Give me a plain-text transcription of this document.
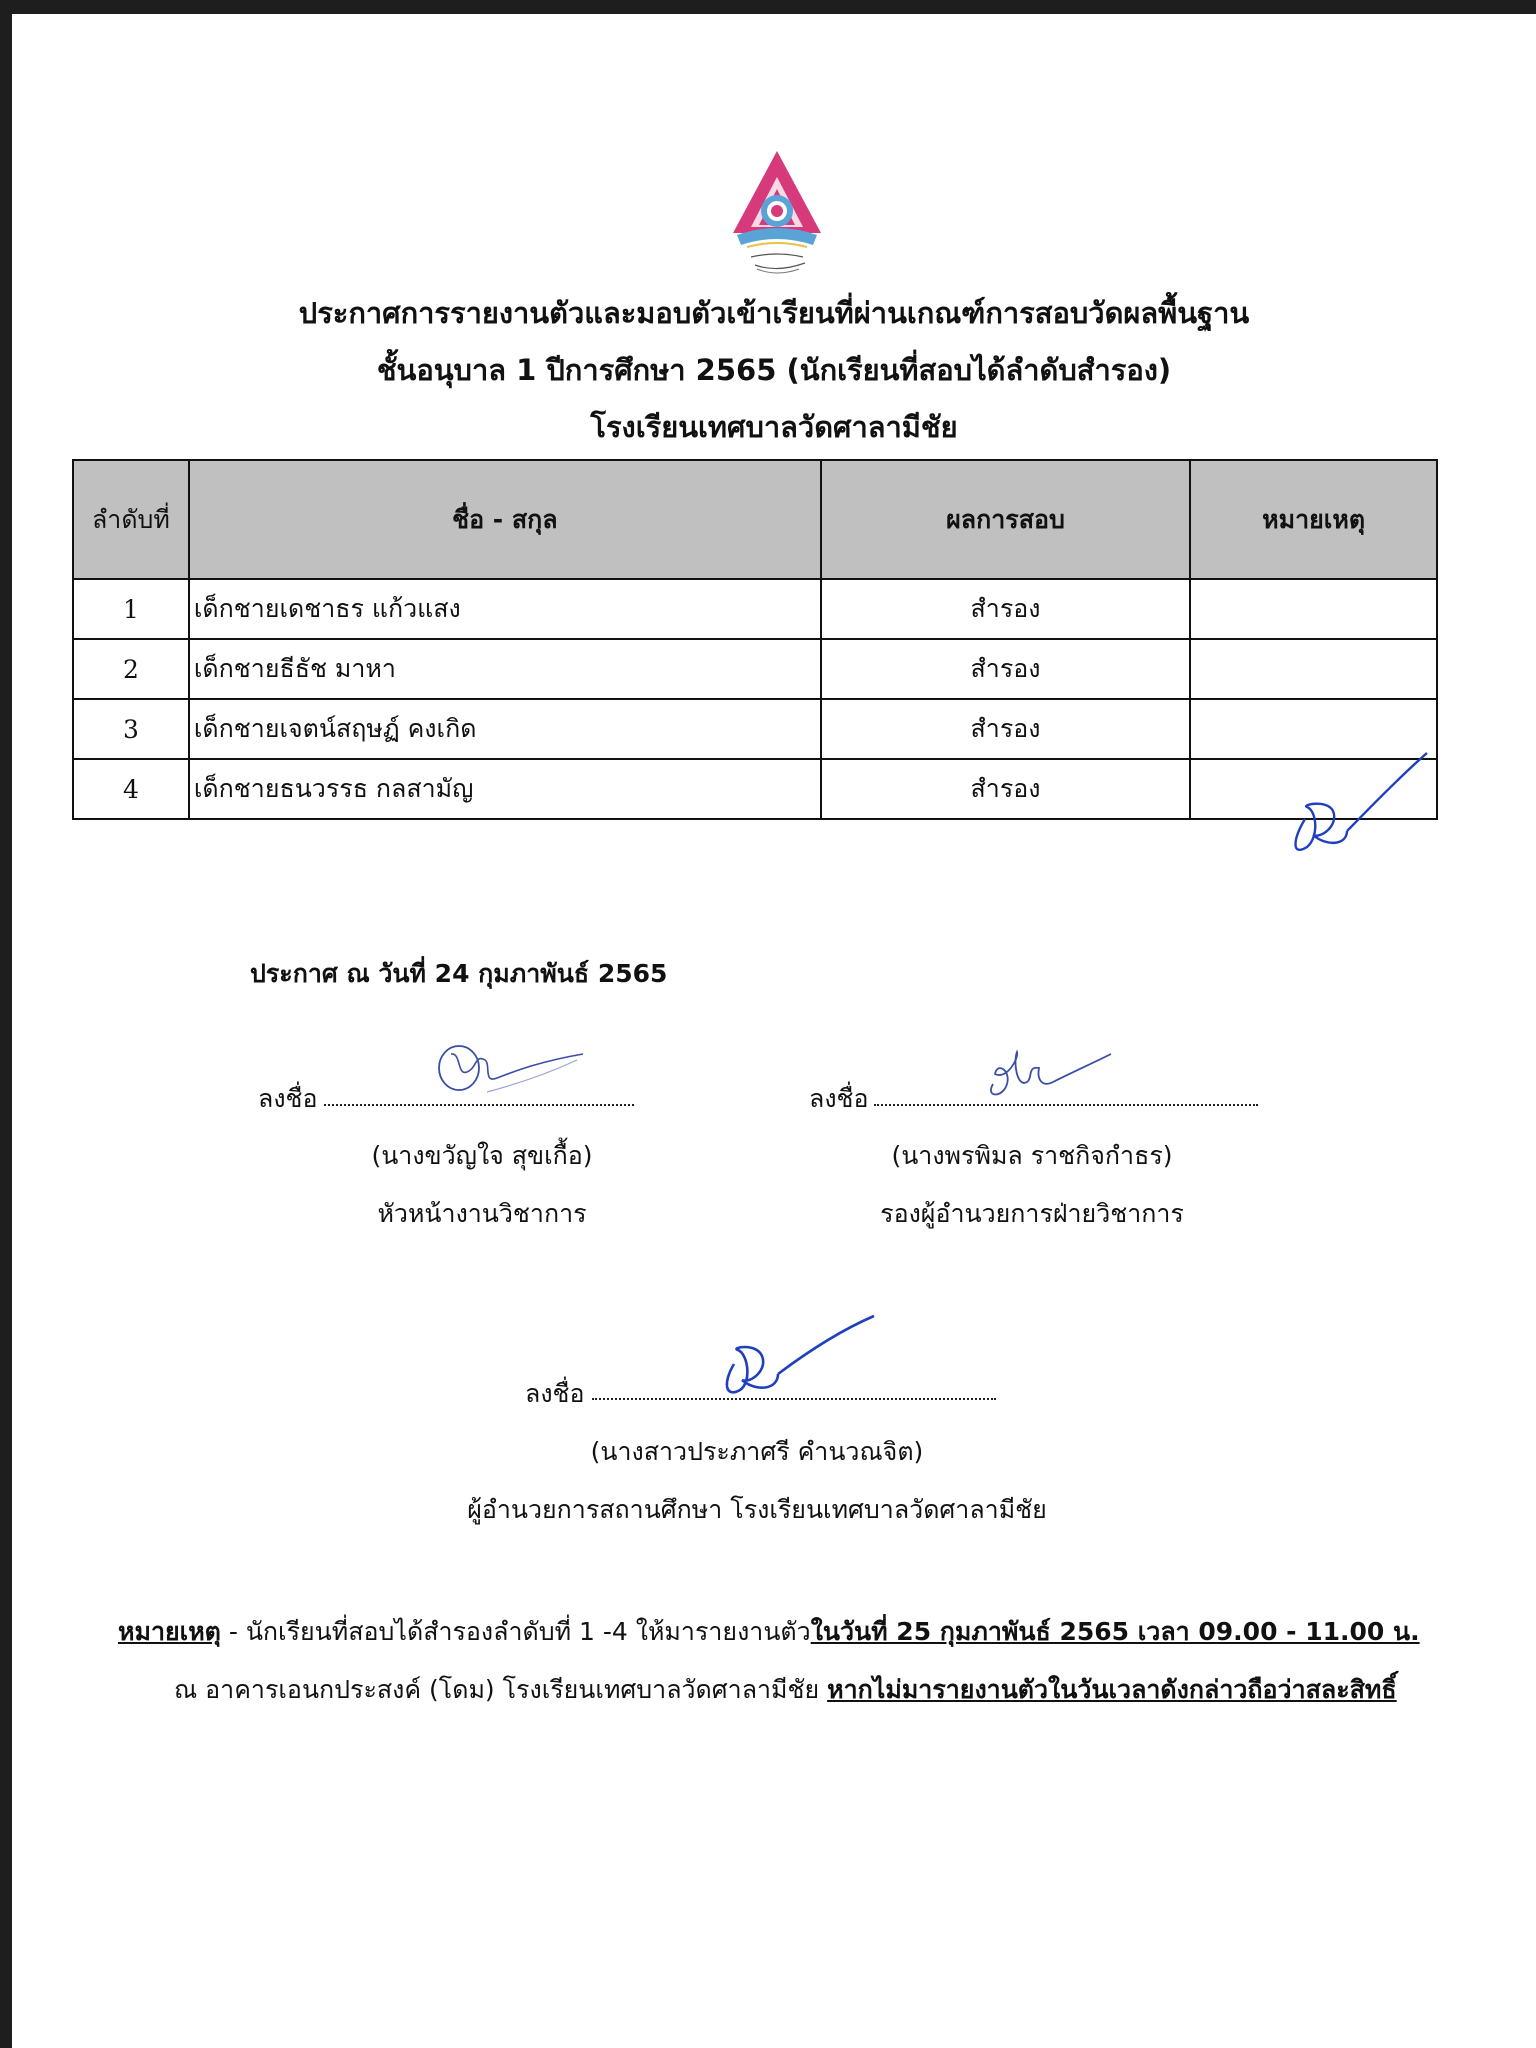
ประกาศการรายงานตัวและมอบตัวเข้าเรียนที่ผ่านเกณฑ์การสอบวัดผลพื้นฐาน
ชั้นอนุบาล 1 ปีการศึกษา 2565 (นักเรียนที่สอบได้ลำดับสำรอง)
โรงเรียนเทศบาลวัดศาลามีชัย
ลำดับที่	ชื่อ - สกุล	ผลการสอบ	หมายเหตุ
1	เด็กชายเดชาธร แก้วแสง	สำรอง	
2	เด็กชายธีธัช มาหา	สำรอง	
3	เด็กชายเจตน์สฤษฏ์ คงเกิด	สำรอง	
4	เด็กชายธนวรรธ กลสามัญ	สำรอง	
ประกาศ ณ วันที่ 24 กุมภาพันธ์ 2565
ลงชื่อ
(นางขวัญใจ สุขเกื้อ)
หัวหน้างานวิชาการ
ลงชื่อ
(นางพรพิมล ราชกิจกำธร)
รองผู้อำนวยการฝ่ายวิชาการ
ลงชื่อ
(นางสาวประภาศรี คำนวณจิต)
ผู้อำนวยการสถานศึกษา โรงเรียนเทศบาลวัดศาลามีชัย
หมายเหตุ - นักเรียนที่สอบได้สำรองลำดับที่ 1 -4 ให้มารายงานตัวในวันที่ 25 กุมภาพันธ์ 2565 เวลา 09.00 - 11.00 น.
ณ อาคารเอนกประสงค์ (โดม) โรงเรียนเทศบาลวัดศาลามีชัย หากไม่มารายงานตัวในวันเวลาดังกล่าวถือว่าสละสิทธิ์
